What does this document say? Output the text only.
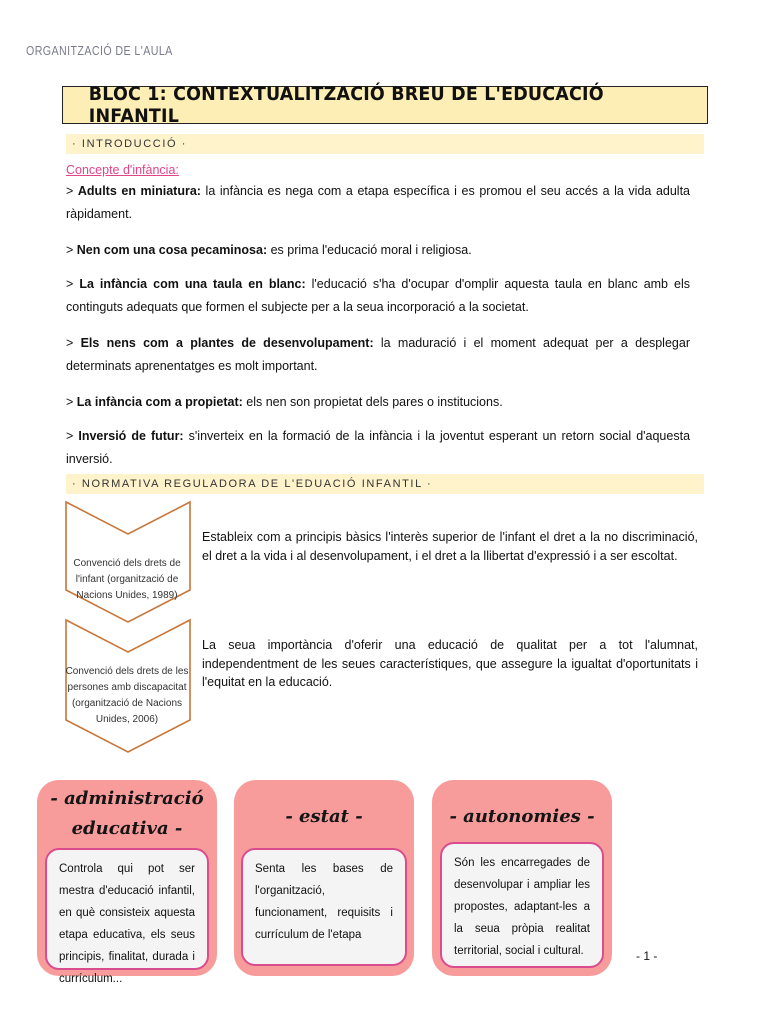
ORGANITZACIÓ DE L'AULA
BLOC 1: CONTEXTUALITZACIÓ BREU DE L'EDUCACIÓ INFANTIL
· INTRODUCCIÓ ·
Concepte d'infància:
> Adults en miniatura: la infància es nega com a etapa específica i es promou el seu accés a la vida adulta ràpidament.
> Nen com una cosa pecaminosa: es prima l'educació moral i religiosa.
> La infància com una taula en blanc: l'educació s'ha d'ocupar d'omplir aquesta taula en blanc amb els continguts adequats que formen el subjecte per a la seua incorporació a la societat.
> Els nens com a plantes de desenvolupament: la maduració i el moment adequat per a desplegar determinats aprenentatges es molt important.
> La infància com a propietat: els nen son propietat dels pares o institucions.
> Inversió de futur: s'inverteix en la formació de la infància i la joventut esperant un retorn social d'aquesta inversió.
· NORMATIVA REGULADORA DE L'EDUACIÓ INFANTIL ·
Convenció dels drets de l'infant (organització de Nacions Unides, 1989)
Estableix com a principis bàsics l'interès superior de l'infant el dret a la no discriminació, el dret a la vida i al desenvolupament, i el dret a la llibertat d'expressió i a ser escoltat.
Convenció dels drets de les persones amb discapacitat (organització de Nacions Unides, 2006)
La seua importància d'oferir una educació de qualitat per a tot l'alumnat, independentment de les seues característiques, que assegure la igualtat d'oportunitats i l'equitat en la educació.
- administració educativa -
Controla qui pot ser mestra d'educació infantil, en què consisteix aquesta etapa educativa, els seus principis, finalitat, durada i currículum...
- estat -
Senta les bases de l'organització, funcionament, requisits i currículum de l'etapa
- autonomies -
Són les encarregades de desenvolupar i ampliar les propostes, adaptant-les a la seua pròpia realitat territorial, social i cultural.	- 1 -
